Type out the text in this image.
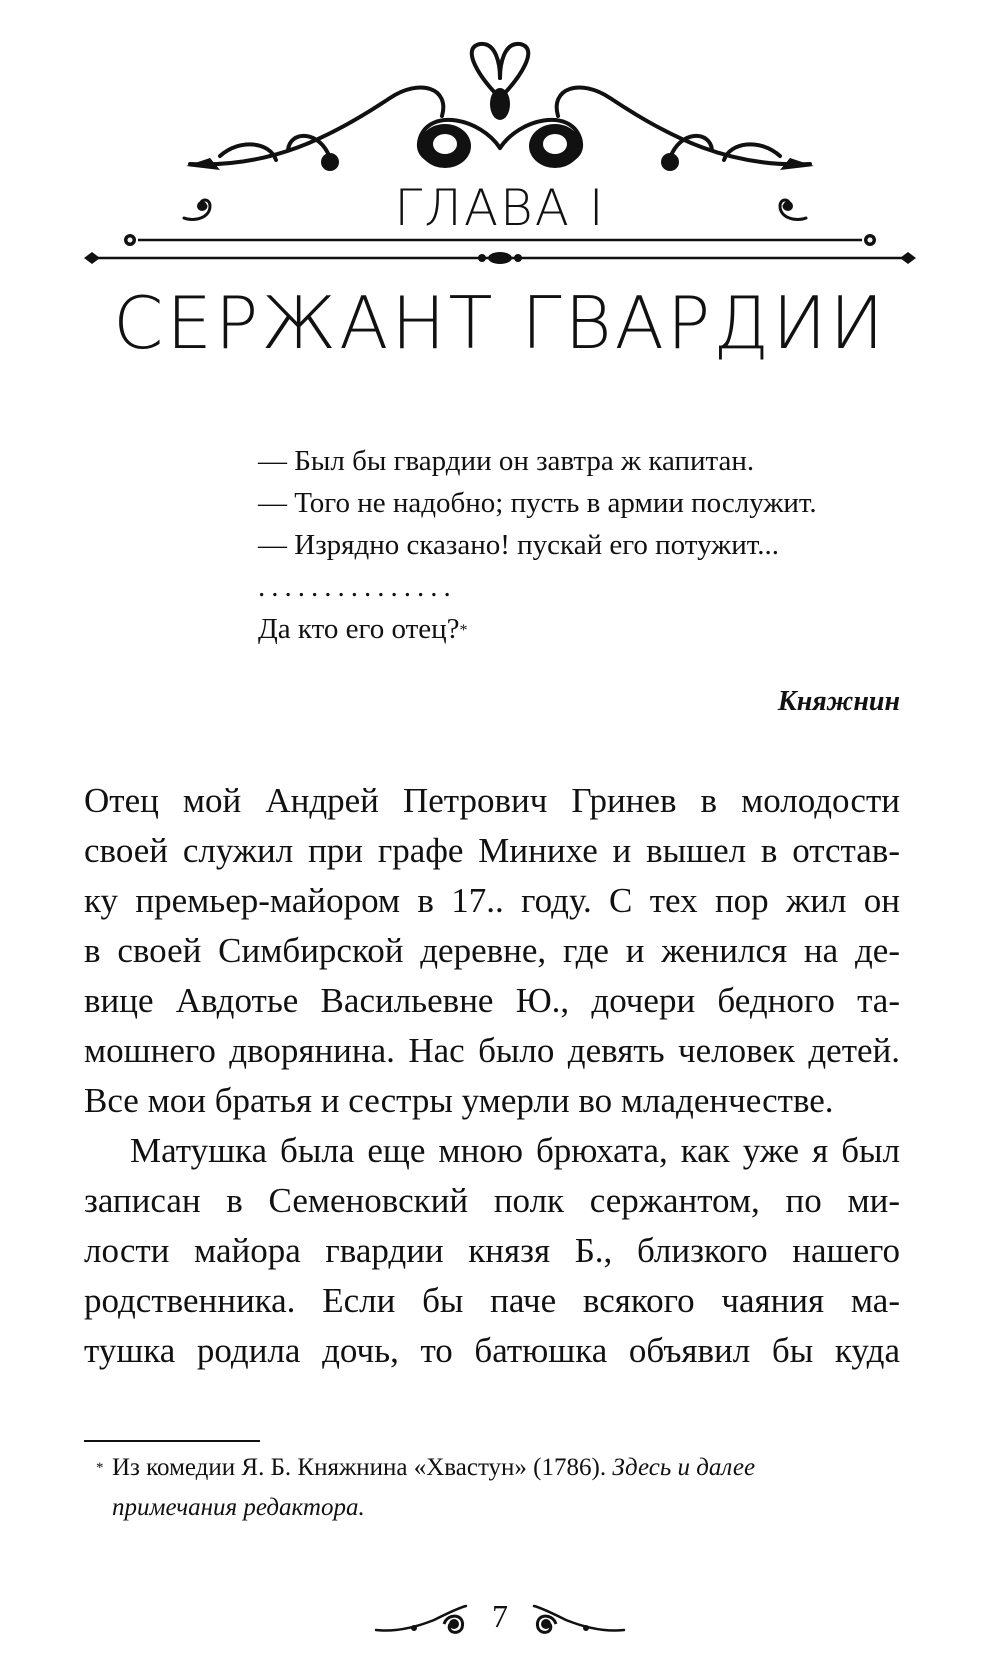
ГЛАВА I
СЕРЖАНТ ГВАРДИИ
— Был бы гвардии он завтра ж капитан.
— Того не надобно; пусть в армии послужит.
— Изрядно сказано! пускай его потужит...
...............
Да кто его отец?*
Княжнин
Отец мой Андрей Петрович Гринев в молодости
своей служил при графе Минихе и вышел в отстав-
ку премьер-майором в 17.. году. С тех пор жил он
в своей Симбирской деревне, где и женился на де-
вице Авдотье Васильевне Ю., дочери бедного та-
мошнего дворянина. Нас было девять человек детей.
Все мои братья и сестры умерли во младенчестве.
Матушка была еще мною брюхата, как уже я был
записан в Семеновский полк сержантом, по ми-
лости майора гвардии князя Б., близкого нашего
родственника. Если бы паче всякого чаяния ма-
тушка родила дочь, то батюшка объявил бы куда
* Из комедии Я. Б. Княжнина «Хвастун» (1786). Здесь и далее
примечания редактора.
7
